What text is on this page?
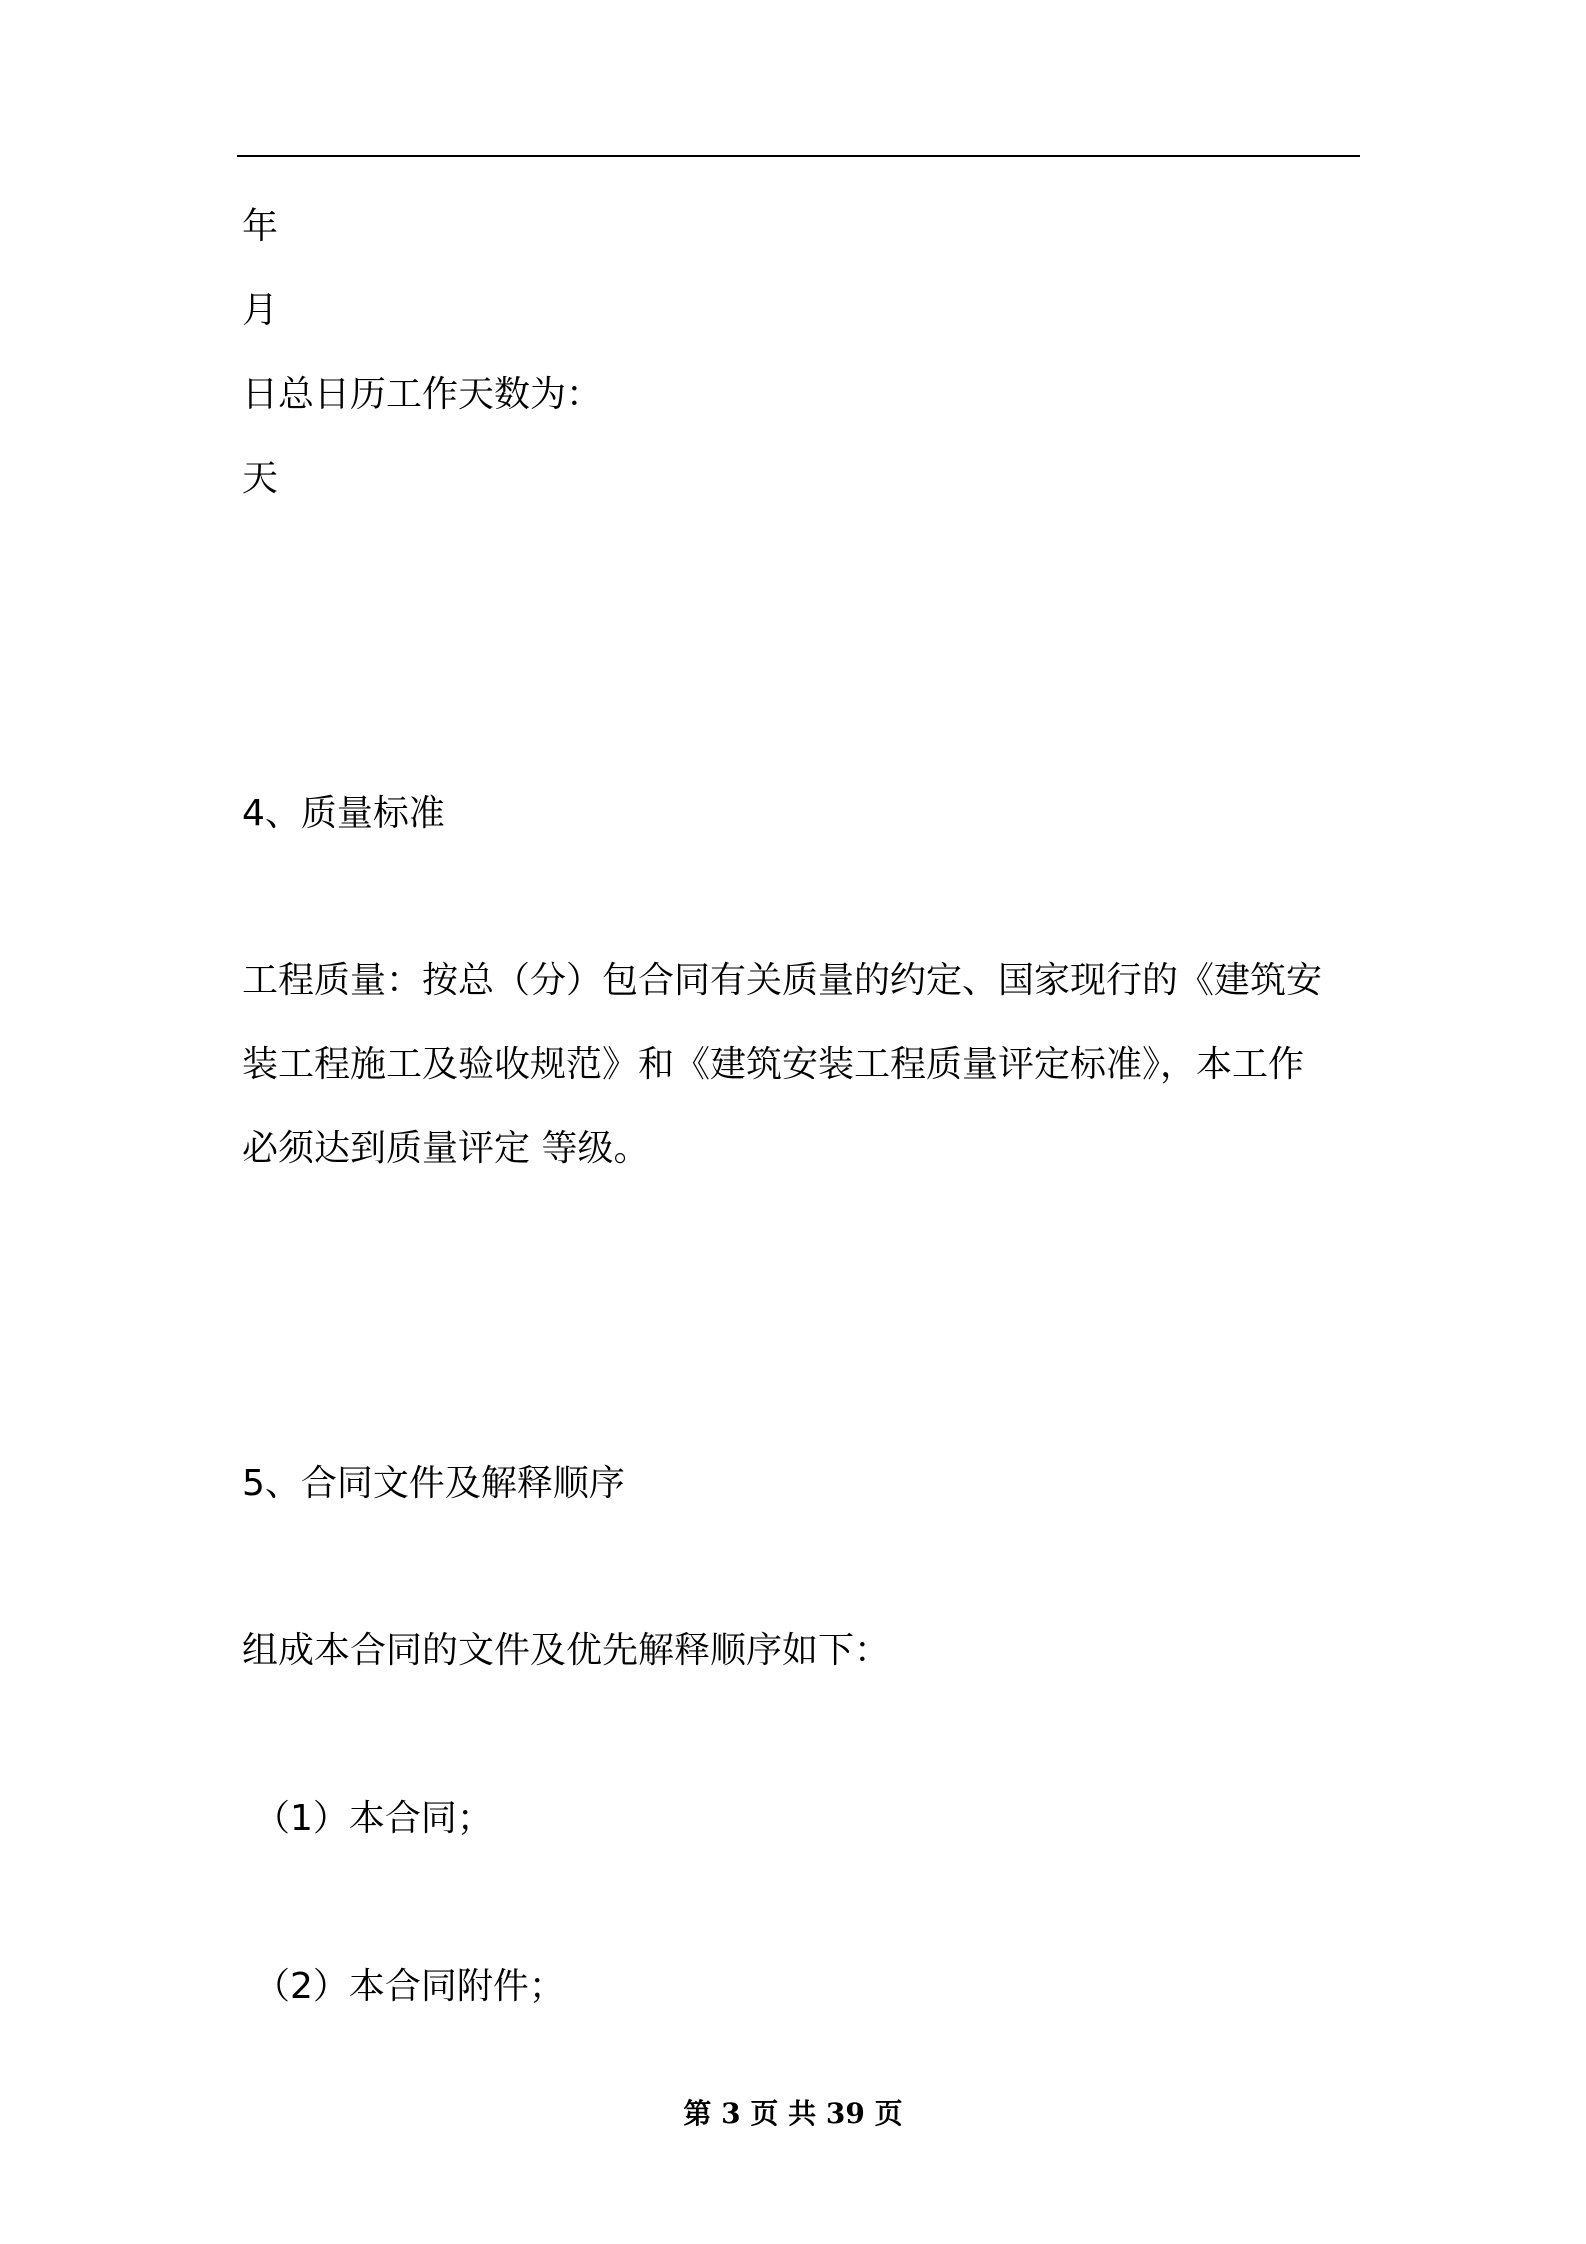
年
月
日总日历工作天数为：
天
4、质量标准
工程质量：按总（分）包合同有关质量的约定、国家现行的《建筑安
装工程施工及验收规范》和《建筑安装工程质量评定标准》，本工作
必须达到质量评定 等级。
5、合同文件及解释顺序
组成本合同的文件及优先解释顺序如下：
（1）本合同；
（2）本合同附件；
第 3 页 共 39 页
